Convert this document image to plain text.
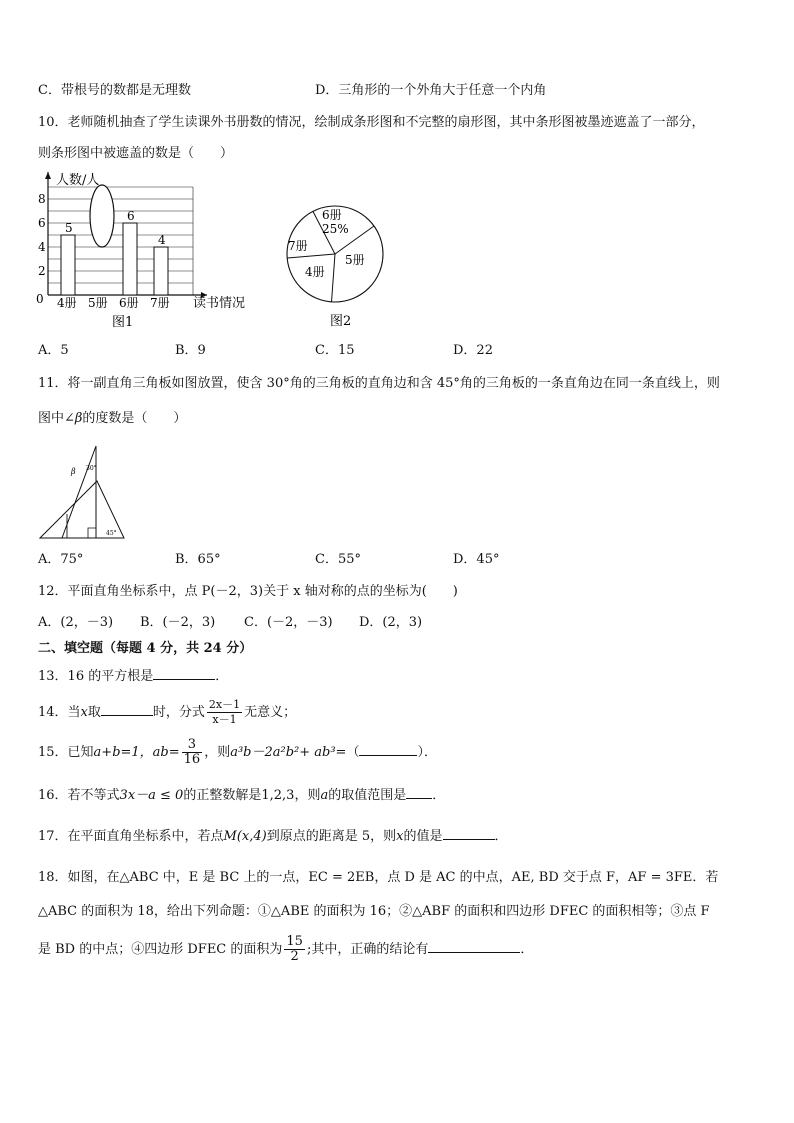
C．带根号的数都是无理数	D．三角形的一个外角大于任意一个内角
10．老师随机抽查了学生读课外书册数的情况，绘制成条形图和不完整的扇形图，其中条形图被墨迹遮盖了一部分，
则条形图中被遮盖的数是（　　）
人数/人
读书情况
0
2
4
6
8
5
4册 5册
6
6册
4
7册
图1
6册
25%
5册
4册
7册
图2
A．5	B．9	C．15	D．22
11．将一副直角三角板如图放置，使含 30°角的三角板的直角边和含 45°角的三角板的一条直角边在同一条直线上，则
图中∠β的度数是（　　）
β 30°
45°
A．75°	B．65°	C．55°	D．45°
12．平面直角坐标系中，点 P(－2，3)关于 x 轴对称的点的坐标为(　　)
A．(2，－3) B．(－2，3) C．(－2，－3) D．(2，3)
二、填空题（每题 4 分，共 24 分）
13．16 的平方根是	．
14．当x取	时，分式 $\frac{2x-1}{x-1}$ 无意义；
15．已知a+b=1，$ab= \frac{3}{16}$ ，则a³b－2a²b²+ ab³=（	）．
16．若不等式3x－a ≤ 0的正整数解是1,2,3，则a的取值范围是 ．
17．在平面直角坐标系中，若点M(x,4)到原点的距离是 5，则x的值是	．
18．如图，在△ABC 中，E 是 BC 上的一点，EC = 2EB，点 D 是 AC 的中点，AE, BD 交于点 F，AF = 3FE．若
△ABC 的面积为 18，给出下列命题：①△ABE 的面积为 16；②△ABF 的面积和四边形 DFEC 的面积相等；③点 F
是 BD 的中点；④四边形 DFEC 的面积为 $\frac{15}{2}$ ;其中，正确的结论有	．
